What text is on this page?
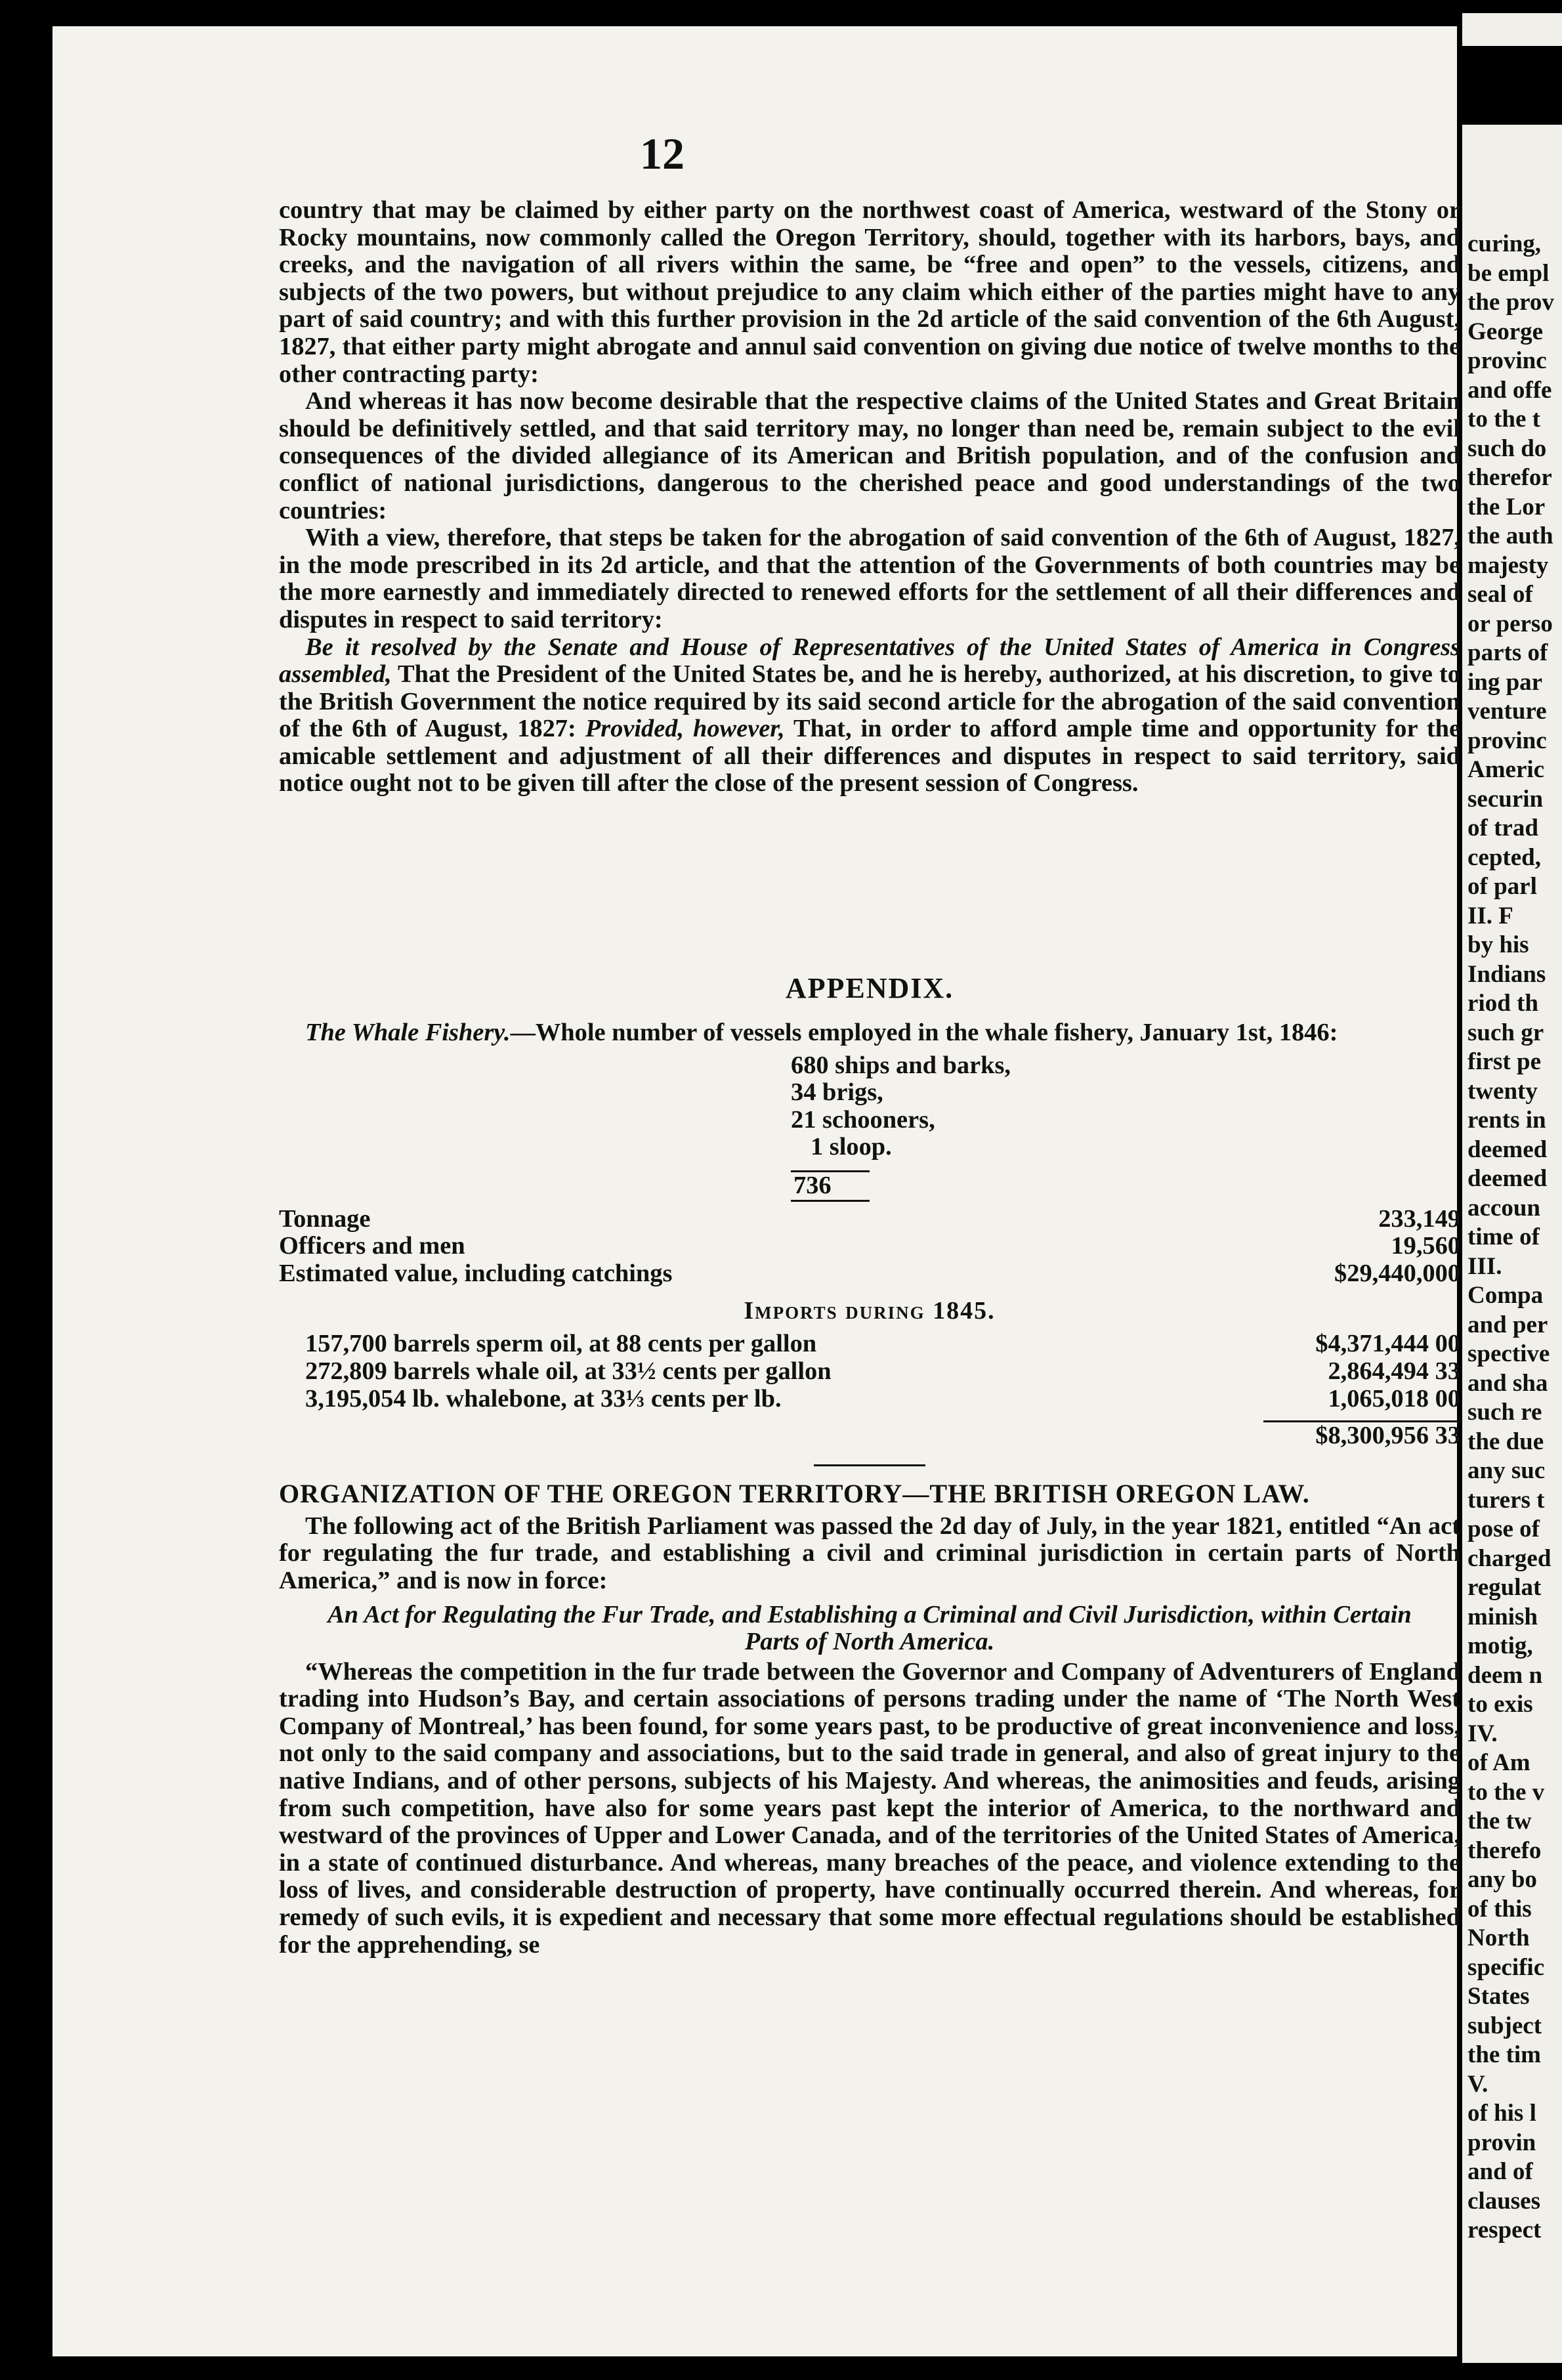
12

country that may be claimed by either party on the northwest coast of America, westward of the Stony or Rocky mountains, now commonly called the Oregon Territory, should, together with its harbors, bays, and creeks, and the navigation of all rivers within the same, be “free and open” to the vessels, citizens, and subjects of the two powers, but without prejudice to any claim which either of the parties might have to any part of said country; and with this further provision in the 2d article of the said convention of the 6th August, 1827, that either party might abrogate and annul said convention on giving due notice of twelve months to the other contracting party:

And whereas it has now become desirable that the respective claims of the United States and Great Britain should be definitively settled, and that said territory may, no longer than need be, remain subject to the evil consequences of the divided allegiance of its American and British population, and of the confusion and conflict of national jurisdictions, dangerous to the cherished peace and good understandings of the two countries:

With a view, therefore, that steps be taken for the abrogation of said convention of the 6th of August, 1827, in the mode prescribed in its 2d article, and that the attention of the Governments of both countries may be the more earnestly and immediately directed to renewed efforts for the settlement of all their differences and disputes in respect to said territory:

Be it resolved by the Senate and House of Representatives of the United States of America in Congress assembled, That the President of the United States be, and he is hereby, authorized, at his discretion, to give to the British Government the notice required by its said second article for the abrogation of the said convention of the 6th of August, 1827: Provided, however, That, in order to afford ample time and opportunity for the amicable settlement and adjustment of all their differences and disputes in respect to said territory, said notice ought not to be given till after the close of the present session of Congress.

APPENDIX.

The Whale Fishery.—Whole number of vessels employed in the whale fishery, January 1st, 1846:

680 ships and barks,
34 brigs,
21 schooners,
1 sloop.
736
Tonnage	233,149
Officers and men	19,560
Estimated value, including catchings	$29,440,000
Imports during 1845.
157,700 barrels sperm oil, at 88 cents per gallon	$4,371,444 00
272,809 barrels whale oil, at 33½ cents per gallon	2,864,494 33
3,195,054 lb. whalebone, at 33⅓ cents per lb.	1,065,018 00
$8,300,956 33
ORGANIZATION OF THE OREGON TERRITORY—THE BRITISH OREGON LAW.

The following act of the British Parliament was passed the 2d day of July, in the year 1821, entitled “An act for regulating the fur trade, and establishing a civil and criminal jurisdiction in certain parts of North America,” and is now in force:

An Act for Regulating the Fur Trade, and Establishing a Criminal and Civil Jurisdiction, within Certain Parts of North America.

“Whereas the competition in the fur trade between the Governor and Company of Adventurers of England trading into Hudson’s Bay, and certain associations of persons trading under the name of ‘The North West Company of Montreal,’ has been found, for some years past, to be productive of great inconvenience and loss, not only to the said company and associations, but to the said trade in general, and also of great injury to the native Indians, and of other persons, subjects of his Majesty. And whereas, the animosities and feuds, arising from such competition, have also for some years past kept the interior of America, to the northward and westward of the provinces of Upper and Lower Canada, and of the territories of the United States of America, in a state of continued disturbance. And whereas, many breaches of the peace, and violence extending to the loss of lives, and considerable destruction of property, have continually occurred therein. And whereas, for remedy of such evils, it is expedient and necessary that some more effectual regulations should be established for the apprehending, se

curing,
be empl
the prov
George
provinc
and offe
to the t
such do
therefor
the Lor
the auth
majesty
seal of
or perso
parts of
ing par
venture
provinc
Americ
securin
of trad
cepted,
of parl
II. F
by his
Indians
riod th
such gr
first pe
twenty
rents in
deemed
deemed
accoun
time of
III.
Compa
and per
spective
and sha
such re
the due
any suc
turers t
pose of
charged
regulat
minish
motig,
deem n
to exis
IV.
of Am
to the v
the tw
therefo
any bo
of this
North
specific
States
subject
the tim
V.
of his l
provin
and of
clauses
respect
